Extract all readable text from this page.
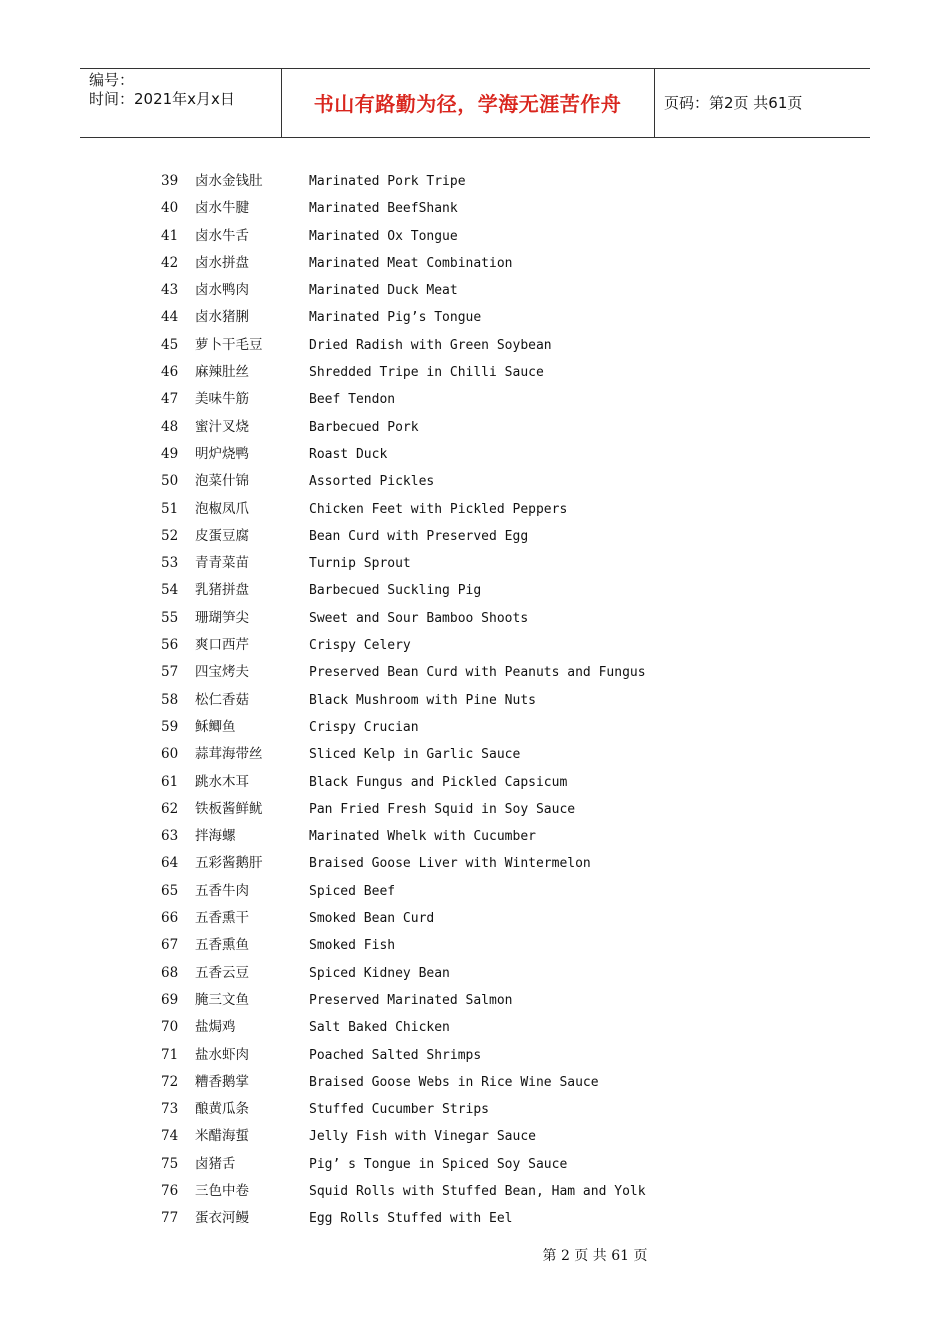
编号：
时间：2021年x月x日	书山有路勤为径，学海无涯苦作舟	页码：第2页 共61页
39	卤水金钱肚	Marinated Pork Tripe
40	卤水牛腱	Marinated BeefShank
41	卤水牛舌	Marinated Ox Tongue
42	卤水拼盘	Marinated Meat Combination
43	卤水鸭肉	Marinated Duck Meat
44	卤水猪脷	Marinated Pig’s Tongue
45	萝卜干毛豆	Dried Radish with Green Soybean
46	麻辣肚丝	Shredded Tripe in Chilli Sauce
47	美味牛筋	Beef Tendon
48	蜜汁叉烧	Barbecued Pork
49	明炉烧鸭	Roast Duck
50	泡菜什锦	Assorted Pickles
51	泡椒凤爪	Chicken Feet with Pickled Peppers
52	皮蛋豆腐	Bean Curd with Preserved Egg
53	青青菜苗	Turnip Sprout
54	乳猪拼盘	Barbecued Suckling Pig
55	珊瑚笋尖	Sweet and Sour Bamboo Shoots
56	爽口西芹	Crispy Celery
57	四宝烤夫	Preserved Bean Curd with Peanuts and Fungus
58	松仁香菇	Black Mushroom with Pine Nuts
59	稣鲫鱼	Crispy Crucian
60	蒜茸海带丝	Sliced Kelp in Garlic Sauce
61	跳水木耳	Black Fungus and Pickled Capsicum
62	铁板酱鲜鱿	Pan Fried Fresh Squid in Soy Sauce
63	拌海螺	Marinated Whelk with Cucumber
64	五彩酱鹅肝	Braised Goose Liver with Wintermelon
65	五香牛肉	Spiced Beef
66	五香熏干	Smoked Bean Curd
67	五香熏鱼	Smoked Fish
68	五香云豆	Spiced Kidney Bean
69	腌三文鱼	Preserved Marinated Salmon
70	盐焗鸡	Salt Baked Chicken
71	盐水虾肉	Poached Salted Shrimps
72	糟香鹅掌	Braised Goose Webs in Rice Wine Sauce
73	酿黄瓜条	Stuffed Cucumber Strips
74	米醋海蜇	Jelly Fish with Vinegar Sauce
75	卤猪舌	Pig’ s Tongue in Spiced Soy Sauce
76	三色中卷	Squid Rolls with Stuffed Bean, Ham and Yolk
77	蛋衣河鳗	Egg Rolls Stuffed with Eel
第 2 页 共 61 页
